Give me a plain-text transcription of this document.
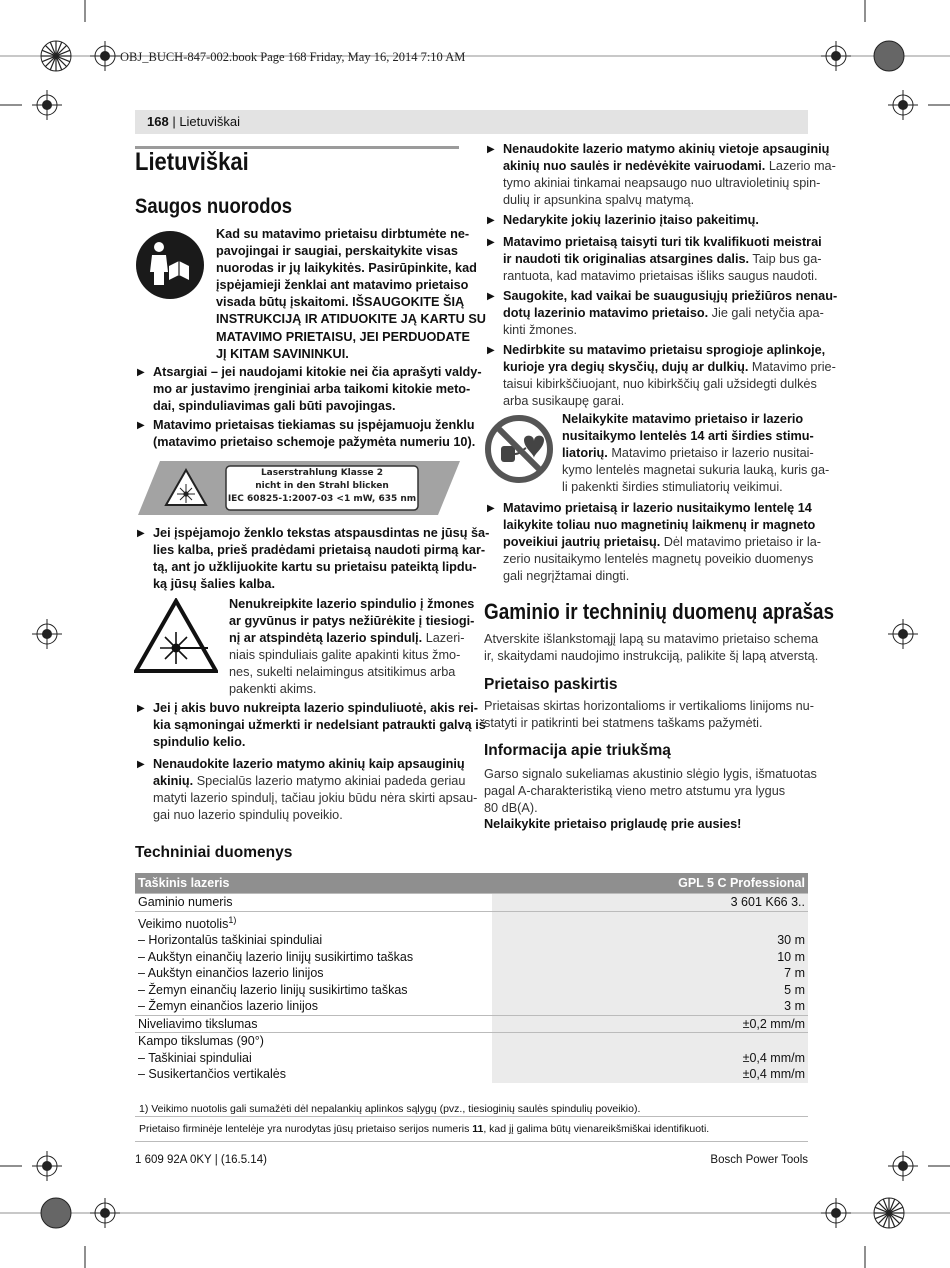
OBJ_BUCH-847-002.book Page 168 Friday, May 16, 2014 7:10 AM
168 | Lietuviškai
Lietuviškai
Saugos nuorodos
Kad su matavimo prietaisu dirbtumėte ne-
pavojingai ir saugiai, perskaitykite visas
nuorodas ir jų laikykitės. Pasirūpinkite, kad
įspėjamieji ženklai ant matavimo prietaiso
visada būtų įskaitomi. IŠSAUGOKITE ŠIĄ
INSTRUKCIJĄ IR ATIDUOKITE JĄ KARTU SU
MATAVIMO PRIETAISU, JEI PERDUODATE
JĮ KITAM SAVININKUI.
▶ Atsargiai – jei naudojami kitokie nei čia aprašyti valdy-
mo ar justavimo įrenginiai arba taikomi kitokie meto-
dai, spinduliavimas gali būti pavojingas.
▶ Matavimo prietaisas tiekiamas su įspėjamuoju ženklu
(matavimo prietaiso schemoje pažymėta numeriu 10).
Laserstrahlung Klasse 2
nicht in den Strahl blicken
IEC 60825-1:2007-03 <1 mW, 635 nm
▶ Jei įspėjamojo ženklo tekstas atspausdintas ne jūsų ša-
lies kalba, prieš pradėdami prietaisą naudoti pirmą kar-
tą, ant jo užklijuokite kartu su prietaisu pateiktą lipdu-
ką jūsų šalies kalba.
Nenukreipkite lazerio spindulio į žmones
ar gyvūnus ir patys nežiūrėkite į tiesiogi-
nį ar atspindėtą lazerio spindulį. Lazeri-
niais spinduliais galite apakinti kitus žmo-
nes, sukelti nelaimingus atsitikimus arba
pakenkti akims.
▶ Jei į akis buvo nukreipta lazerio spinduliuotė, akis rei-
kia sąmoningai užmerkti ir nedelsiant patraukti galvą iš
spindulio kelio.
▶ Nenaudokite lazerio matymo akinių kaip apsauginių
akinių. Specialūs lazerio matymo akiniai padeda geriau
matyti lazerio spindulį, tačiau jokiu būdu nėra skirti apsau-
gai nuo lazerio spindulių poveikio.
▶ Nenaudokite lazerio matymo akinių vietoje apsauginių
akinių nuo saulės ir nedėvėkite vairuodami. Lazerio ma-
tymo akiniai tinkamai neapsaugo nuo ultravioletinių spin-
dulių ir apsunkina spalvų matymą.
▶ Nedarykite jokių lazerinio įtaiso pakeitimų.
▶ Matavimo prietaisą taisyti turi tik kvalifikuoti meistrai
ir naudoti tik originalias atsargines dalis. Taip bus ga-
rantuota, kad matavimo prietaisas išliks saugus naudoti.
▶ Saugokite, kad vaikai be suaugusiųjų priežiūros nenau-
dotų lazerinio matavimo prietaiso. Jie gali netyčia apa-
kinti žmones.
▶ Nedirbkite su matavimo prietaisu sprogioje aplinkoje,
kurioje yra degių skysčių, dujų ar dulkių. Matavimo prie-
taisui kibirkščiuojant, nuo kibirkščių gali užsidegti dulkės
arba susikaupę garai.
Nelaikykite matavimo prietaiso ir lazerio
nusitaikymo lentelės 14 arti širdies stimu-
liatorių. Matavimo prietaiso ir lazerio nusitai-
kymo lentelės magnetai sukuria lauką, kuris ga-
li pakenkti širdies stimuliatorių veikimui.
▶ Matavimo prietaisą ir lazerio nusitaikymo lentelę 14
laikykite toliau nuo magnetinių laikmenų ir magneto
poveikiui jautrių prietaisų. Dėl matavimo prietaiso ir la-
zerio nusitaikymo lentelės magnetų poveikio duomenys
gali negrįžtamai dingti.
Gaminio ir techninių duomenų aprašas
Atverskite išlankstomąjį lapą su matavimo prietaiso schema
ir, skaitydami naudojimo instrukciją, palikite šį lapą atverstą.
Prietaiso paskirtis
Prietaisas skirtas horizontalioms ir vertikalioms linijoms nu-
statyti ir patikrinti bei statmens taškams pažymėti.
Informacija apie triukšmą
Garso signalo sukeliamas akustinio slėgio lygis, išmatuotas
pagal A-charakteristiką vieno metro atstumu yra lygus
80 dB(A).
Nelaikykite prietaiso priglaudę prie ausies!
Techniniai duomenys
Taškinis lazeris	GPL 5 C Professional
Gaminio numeris	3 601 K66 3..
Veikimo nuotolis$^{1)}$	
– Horizontalūs taškiniai spinduliai	30 m
– Aukštyn einančių lazerio linijų susikirtimo taškas	10 m
– Aukštyn einančios lazerio linijos	7 m
– Žemyn einančių lazerio linijų susikirtimo taškas	5 m
– Žemyn einančios lazerio linijos	3 m
Niveliavimo tikslumas	±0,2 mm/m
Kampo tikslumas (90°)	
– Taškiniai spinduliai	±0,4 mm/m
– Susikertančios vertikalės	±0,4 mm/m
1) Veikimo nuotolis gali sumažėti dėl nepalankių aplinkos sąlygų (pvz., tiesioginių saulės spindulių poveikio).
Prietaiso firminėje lentelėje yra nurodytas jūsų prietaiso serijos numeris 11, kad jį galima būtų vienareikšmiškai identifikuoti.
1 609 92A 0KY | (16.5.14)	Bosch Power Tools
